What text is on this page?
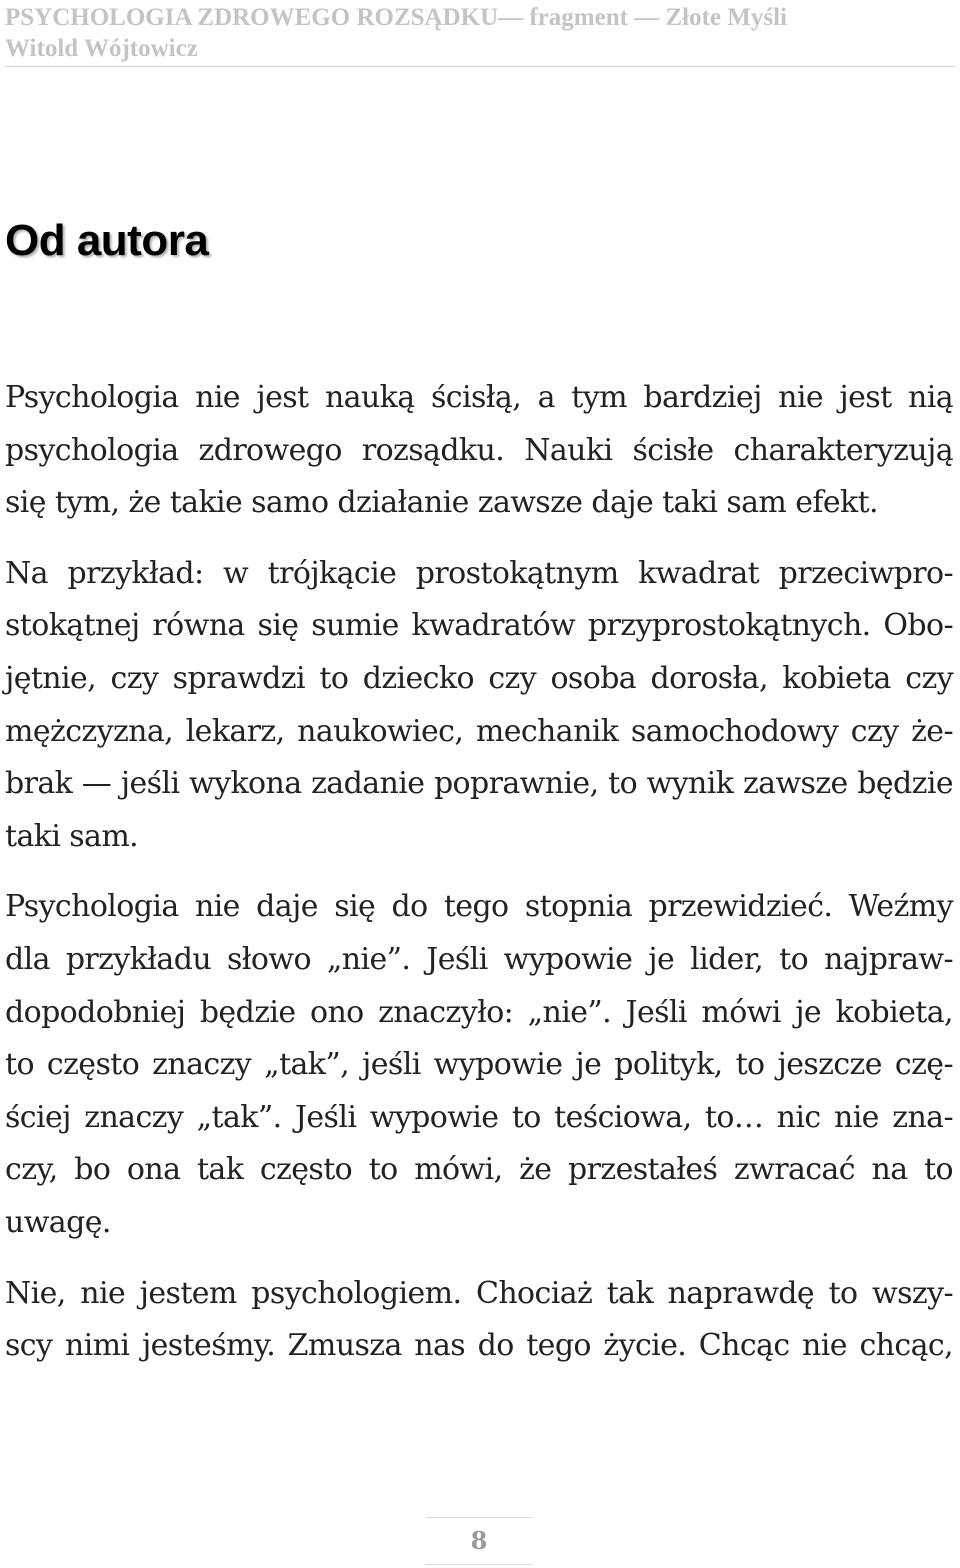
PSYCHOLOGIA ZDROWEGO ROZSĄDKU— fragment — Złote Myśli
Witold Wójtowicz
Od autora

Psychologia nie jest nauką ścisłą, a tym bardziej nie jest nią
psychologia zdrowego rozsądku. Nauki ścisłe charakteryzują
się tym, że takie samo działanie zawsze daje taki sam efekt.

Na przykład: w trójkącie prostokątnym kwadrat przeciwpro-
stokątnej równa się sumie kwadratów przyprostokątnych. Obo-
jętnie, czy sprawdzi to dziecko czy osoba dorosła, kobieta czy
mężczyzna, lekarz, naukowiec, mechanik samochodowy czy że-
brak — jeśli wykona zadanie poprawnie, to wynik zawsze będzie
taki sam.

Psychologia nie daje się do tego stopnia przewidzieć. Weźmy
dla przykładu słowo „nie”. Jeśli wypowie je lider, to najpraw-
dopodobniej będzie ono znaczyło: „nie”. Jeśli mówi je kobieta,
to często znaczy „tak”, jeśli wypowie je polityk, to jeszcze czę-
ściej znaczy „tak”. Jeśli wypowie to teściowa, to… nic nie zna-
czy, bo ona tak często to mówi, że przestałeś zwracać na to
uwagę.

Nie, nie jestem psychologiem. Chociaż tak naprawdę to wszy-
scy nimi jesteśmy. Zmusza nas do tego życie. Chcąc nie chcąc,

8
